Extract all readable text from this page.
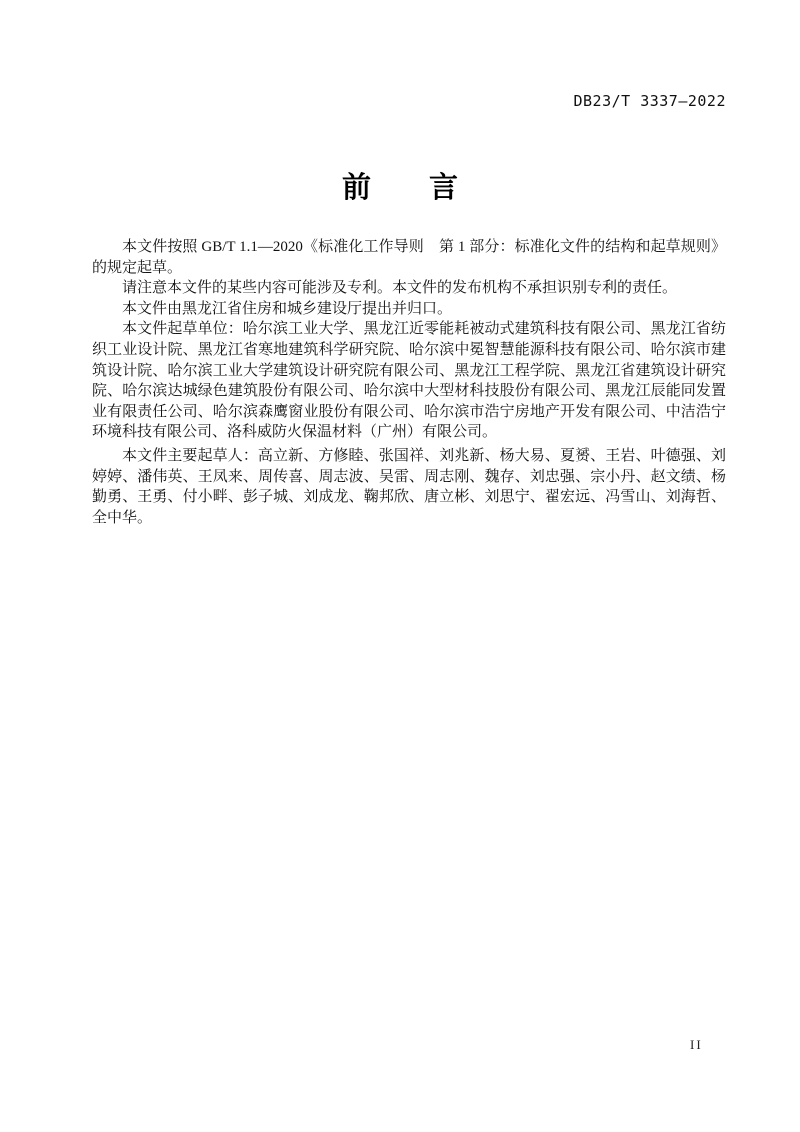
DB23/T 3337—2022
前　　言

本文件按照 GB/T 1.1—2020《标准化工作导则　第 1 部分：标准化文件的结构和起草规则》的规定起草。

请注意本文件的某些内容可能涉及专利。本文件的发布机构不承担识别专利的责任。

本文件由黑龙江省住房和城乡建设厅提出并归口。

本文件起草单位：哈尔滨工业大学、黑龙江近零能耗被动式建筑科技有限公司、黑龙江省纺织工业设计院、黑龙江省寒地建筑科学研究院、哈尔滨中冕智慧能源科技有限公司、哈尔滨市建筑设计院、哈尔滨工业大学建筑设计研究院有限公司、黑龙江工程学院、黑龙江省建筑设计研究院、哈尔滨达城绿色建筑股份有限公司、哈尔滨中大型材科技股份有限公司、黑龙江辰能同发置业有限责任公司、哈尔滨森鹰窗业股份有限公司、哈尔滨市浩宁房地产开发有限公司、中洁浩宁环境科技有限公司、洛科威防火保温材料（广州）有限公司。

本文件主要起草人：高立新、方修睦、张国祥、刘兆新、杨大易、夏赟、王岩、叶德强、刘婷婷、潘伟英、王凤来、周传喜、周志波、吴雷、周志刚、魏存、刘忠强、宗小丹、赵文绩、杨勤勇、王勇、付小畔、彭子城、刘成龙、鞠邦欣、唐立彬、刘思宁、翟宏远、冯雪山、刘海哲、全中华。

II
